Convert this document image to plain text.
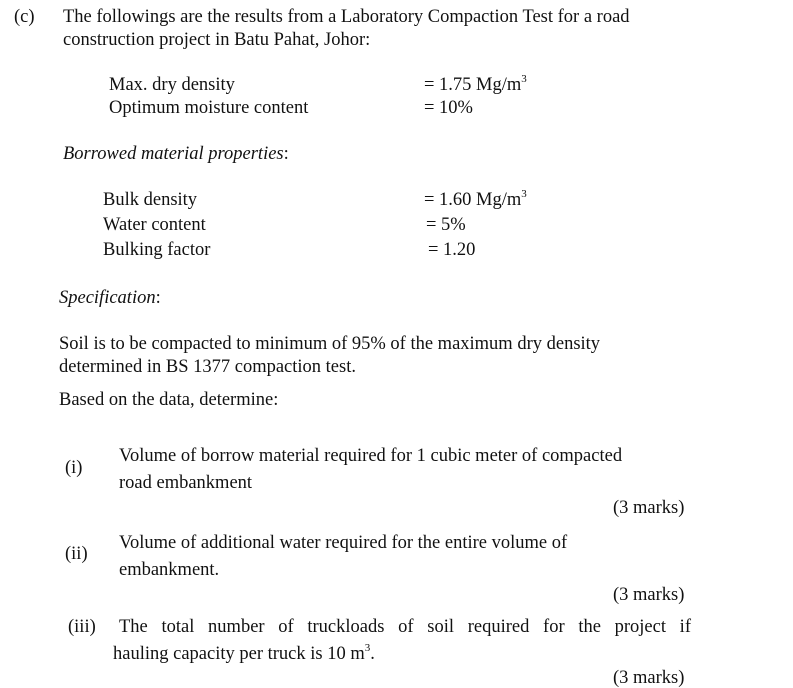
(c) The followings are the results from a Laboratory Compaction Test for a road
construction project in Batu Pahat, Johor:
Max. dry density	= 1.75 $Mg/m^3$
Optimum moisture content	= 10%
Borrowed material properties:
Bulk density	= 1.60 $Mg/m^3$
Water content	= 5%
Bulking factor	= 1.20
Specification:
Soil is to be compacted to minimum of 95% of the maximum dry density
determined in BS 1377 compaction test.
Based on the data, determine:
(i)
Volume of borrow material required for 1 cubic meter of compacted
road embankment
(3 marks)
(ii)
Volume of additional water required for the entire volume of
embankment.
(3 marks)
(iii) The total number of truckloads of soil required for the project if
hauling capacity per truck is 10 $m^3$.
(3 marks)
